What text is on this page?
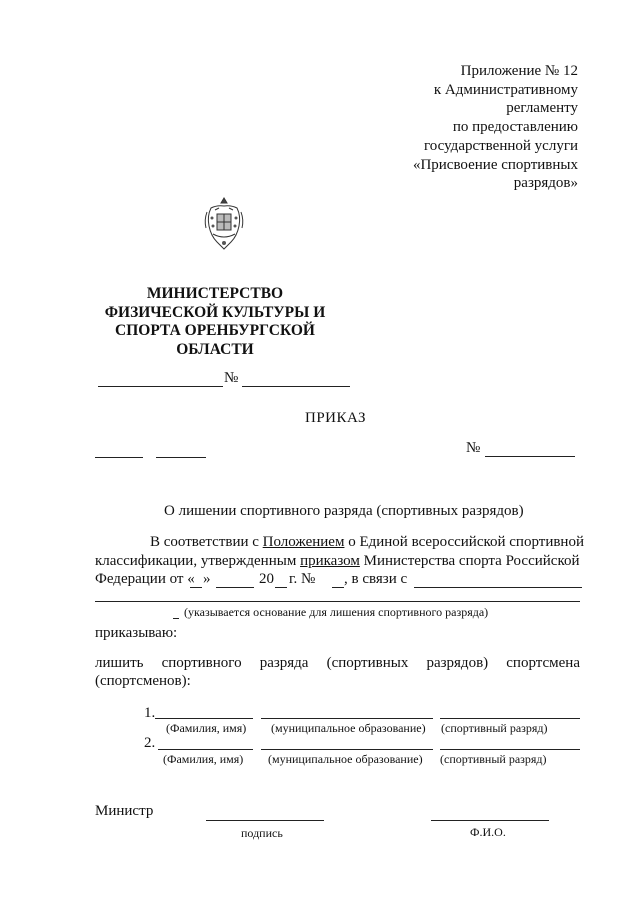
Приложение № 12
к Административному
регламенту
по предоставлению
государственной услуги
«Присвоение спортивных
разрядов»
МИНИСТЕРСТВО
ФИЗИЧЕСКОЙ КУЛЬТУРЫ И
СПОРТА ОРЕНБУРГСКОЙ
ОБЛАСТИ
№
ПРИКАЗ
№
О лишении спортивного разряда (спортивных разрядов)
В соответствии с Положением о Единой всероссийской спортивной
классификации, утвержденным приказом Министерства спорта Российской
Федерации от « »	20 г. № , в связи с
(указывается основание для лишения спортивного разряда)
приказываю:
лишить спортивного разряда (спортивных разрядов) спортсмена
(спортсменов):
1.
(Фамилия, имя) (муниципальное образование) (спортивный разряд)
2.
(Фамилия, имя) (муниципальное образование) (спортивный разряд)
Министр
подпись	Ф.И.О.
